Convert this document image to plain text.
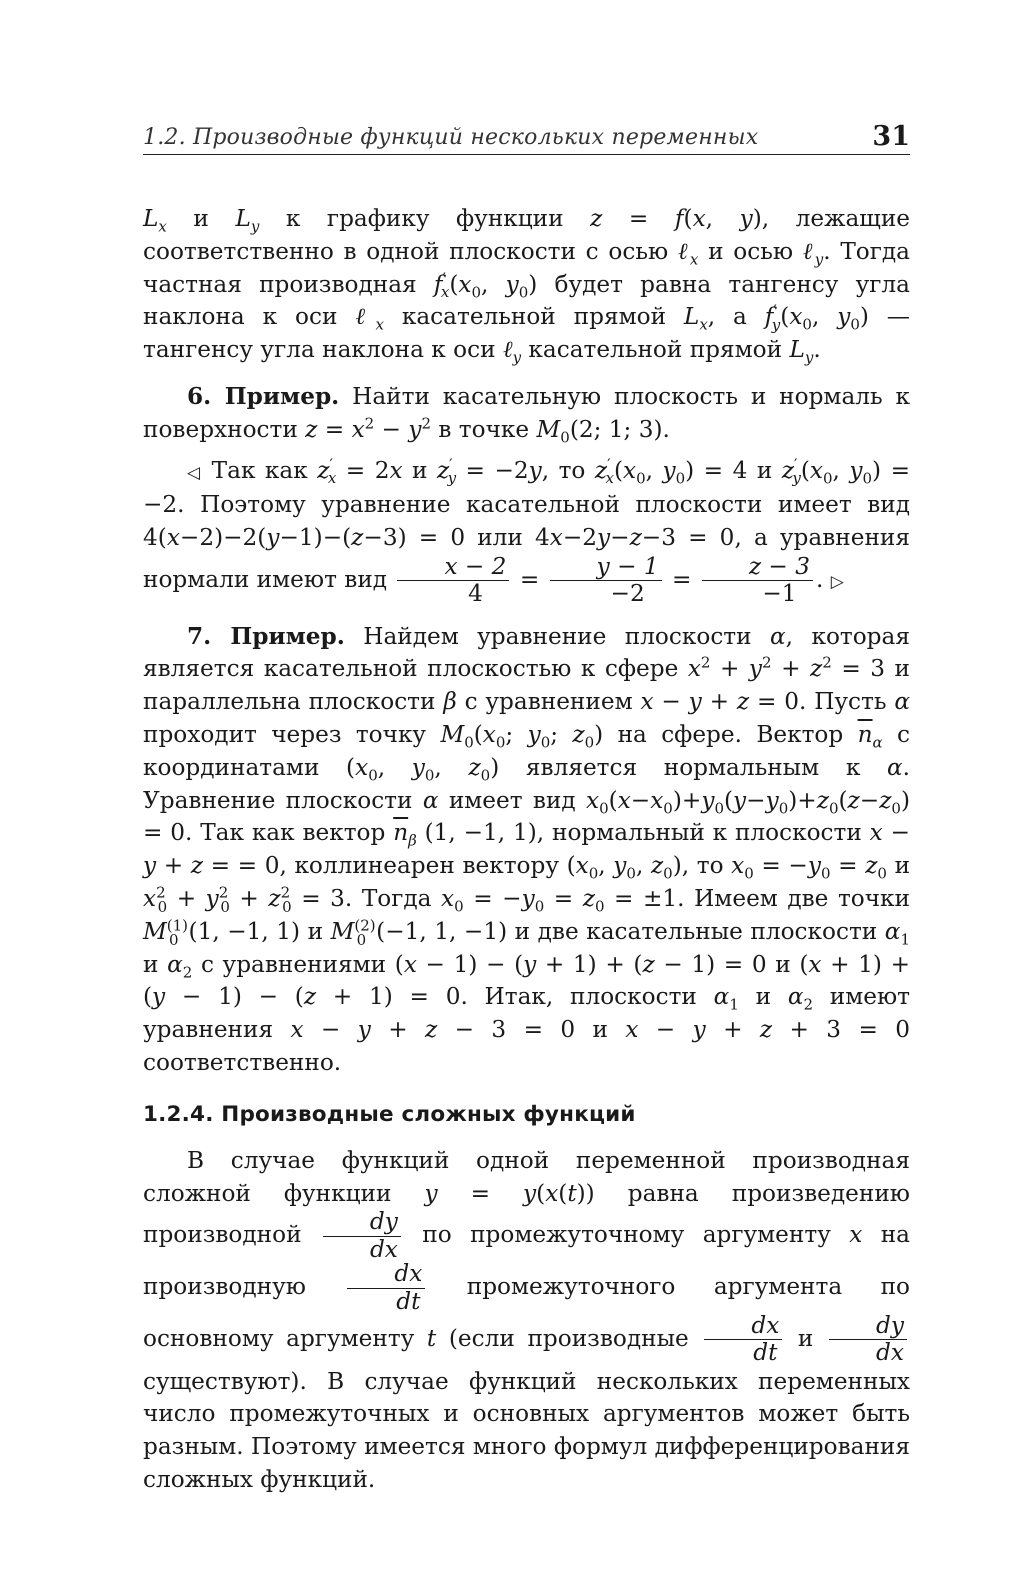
1.2. Производные функций нескольких переменных	31

$L_x$ и $L_y$ к графику функции z = f(x, y), лежащие соответственно в одной плоскости с осью ℓ$_x$ и осью ℓ$_y$. Тогда частная производная $f'_x(x_0$, $y_0$) будет равна тангенсу угла наклона к оси ℓ$_x$ касательной прямой $L_x$, а $f'_y(x_0$, $y_0$) — тангенсу угла наклона к оси ℓ$_y$ касательной прямой $L_y$.

6. Пример. Найти касательную плоскость и нормаль к поверхности $z = x^2 - y^2$ в точке $M_0(2$; 1; 3).

◁ Так как $z'_x = 2x$ и $z'_y = -2y$, то $z'_x(x_0$, $y_0) = 4$ и $z'_y(x_0$, $y_0) = -2$. Поэтому уравнение касательной плоскости имеет вид 4(x−2)−2(y−1)−(z−3) = 0 или 4x−2y−z−3 = 0, а уравнения нормали имеют вид $\frac{x - 2}{4} = \frac{y - 1}{-2} = \frac{z - 3}{-1}$ . ▷

7. Пример. Найдем уравнение плоскости α, которая является касательной плоскостью к сфере $x^2 + y^2 + z^2 = 3$ и параллельна плоскости β с уравнением x − y + z = 0. Пусть α проходит через точку $M_0(x_0$; $y_0$; $z_0$) на сфере. Вектор $\overline{n}_\alpha$ с координатами ($x_0$, $y_0$, $z_0$) является нормальным к α. Уравнение плоскости α имеет вид $x_0(x-x_0)+y_0(y-y_0)+z_0(z-z_0) = 0$. Так как вектор $\overline{n}_\beta$ (1, −1, 1), нормальный к плоскости x − y + z = = 0, коллинеарен вектору ($x_0$, $y_0$, $z_0$), то $x_0 = -y_0 = z_0$ и $x^2_0 + y^2_0 + z^2_0 = 3$. Тогда $x_0 = -y_0 = z_0 = \pm 1$. Имеем две точки $M^{(1)}_0$ (1, −1, 1) и $M^{(2)}_0$ (−1, 1, −1) и две касательные плоскости $\alpha_1$ и $\alpha_2$ с уравнениями (x − 1) − (y + 1) + (z − 1) = 0 и (x + 1) + (y − 1) − (z + 1) = 0. Итак, плоскости $\alpha_1$ и $\alpha_2$ имеют уравнения x − y + z − 3 = 0 и x − y + z + 3 = 0 соответственно.

1.2.4. Производные сложных функций

В случае функций одной переменной производная сложной функции y = y(x(t)) равна произведению производной $\frac{dy}{dx}$ по промежуточному аргументу x на производную $\frac{dx}{dt}$ промежуточного аргумента по основному аргументу t (если производные $\frac{dx}{dt}$ и $\frac{dy}{dx}$
существуют). В случае функций нескольких переменных число промежуточных и основных аргументов может быть разным. Поэтому имеется много формул дифференцирования сложных функций.
